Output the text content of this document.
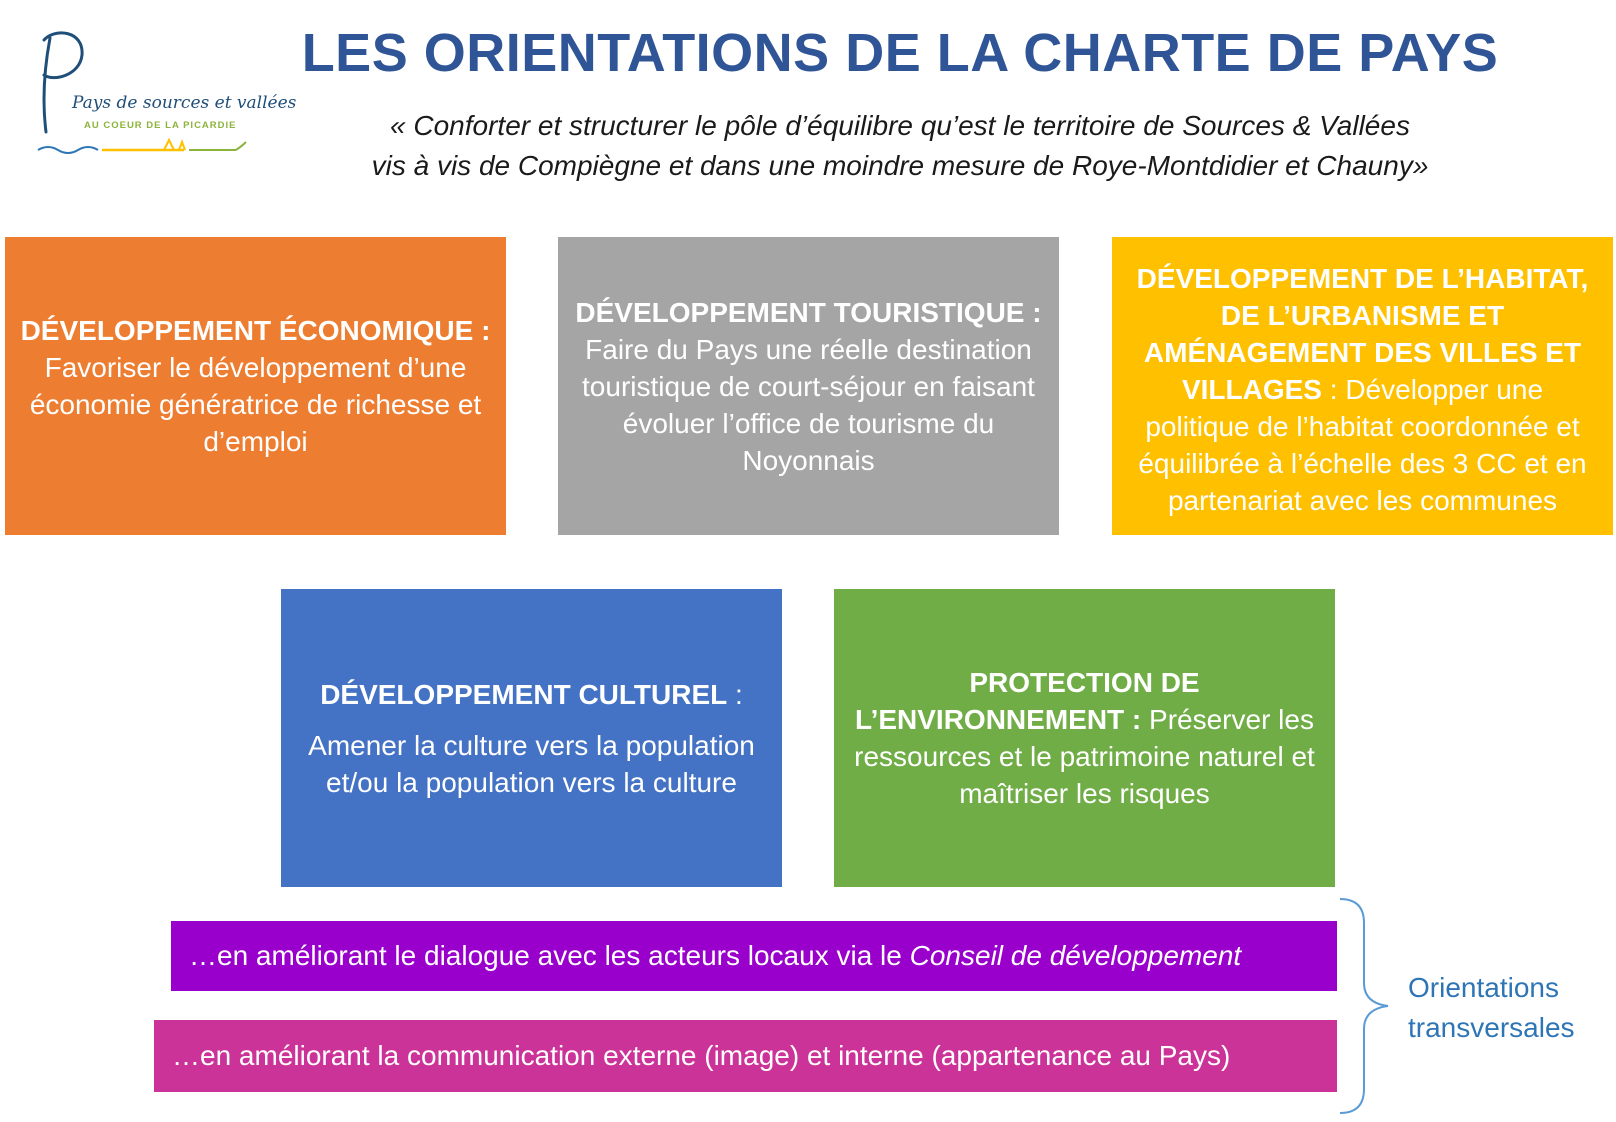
Pays de sources et vallées
AU COEUR DE LA PICARDIE
LES ORIENTATIONS DE LA CHARTE DE PAYS
« Conforter et structurer le pôle d’équilibre qu’est le territoire de Sources & Vallées
vis à vis de Compiègne et dans une moindre mesure de Roye-Montdidier et Chauny»
DÉVELOPPEMENT ÉCONOMIQUE : Favoriser le développement d’une économie génératrice de richesse et d’emploi
DÉVELOPPEMENT TOURISTIQUE : Faire du Pays une réelle destination touristique de court-séjour en faisant évoluer l’office de tourisme du Noyonnais
DÉVELOPPEMENT DE L’HABITAT, DE L’URBANISME ET AMÉNAGEMENT DES VILLES ET VILLAGES : Développer une politique de l’habitat coordonnée et équilibrée à l’échelle des 3 CC et en partenariat avec les communes
DÉVELOPPEMENT CULTUREL :
Amener la culture vers la population et/ou la population vers la culture
PROTECTION DE L’ENVIRONNEMENT : Préserver les ressources et le patrimoine naturel et maîtriser les risques
…en améliorant le dialogue avec les acteurs locaux via le Conseil de développement
…en améliorant la communication externe (image) et interne (appartenance au Pays)
Orientations
transversales
